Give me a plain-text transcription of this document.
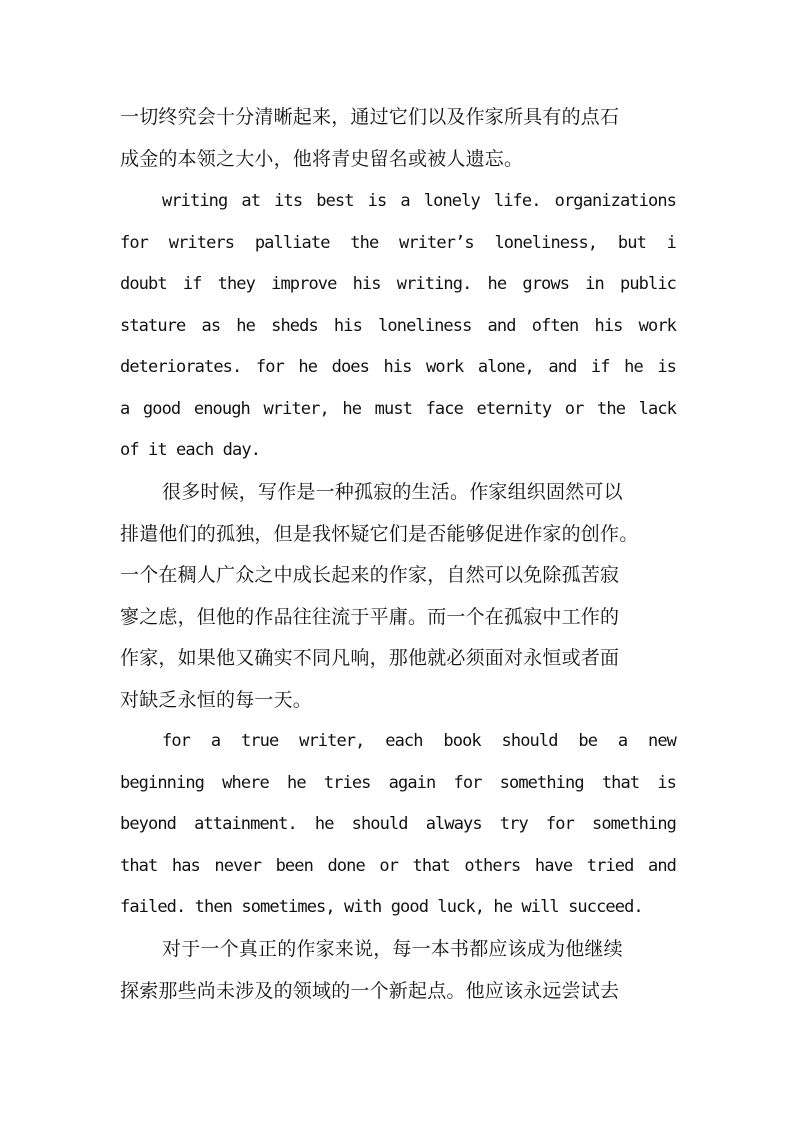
一切终究会十分清晰起来，通过它们以及作家所具有的点石
成金的本领之大小，他将青史留名或被人遗忘。
writing at its best is a lonely life. organizations
for writers palliate the writer’s loneliness, but i
doubt if they improve his writing. he grows in public
stature as he sheds his loneliness and often his work
deteriorates. for he does his work alone, and if he is
a good enough writer, he must face eternity or the lack
of it each day.
很多时候，写作是一种孤寂的生活。作家组织固然可以
排遣他们的孤独，但是我怀疑它们是否能够促进作家的创作。
一个在稠人广众之中成长起来的作家，自然可以免除孤苦寂
寥之虑，但他的作品往往流于平庸。而一个在孤寂中工作的
作家，如果他又确实不同凡响，那他就必须面对永恒或者面
对缺乏永恒的每一天。
for a true writer, each book should be a new
beginning where he tries again for something that is
beyond attainment. he should always try for something
that has never been done or that others have tried and
failed. then sometimes, with good luck, he will succeed.
对于一个真正的作家来说，每一本书都应该成为他继续
探索那些尚未涉及的领域的一个新起点。他应该永远尝试去
